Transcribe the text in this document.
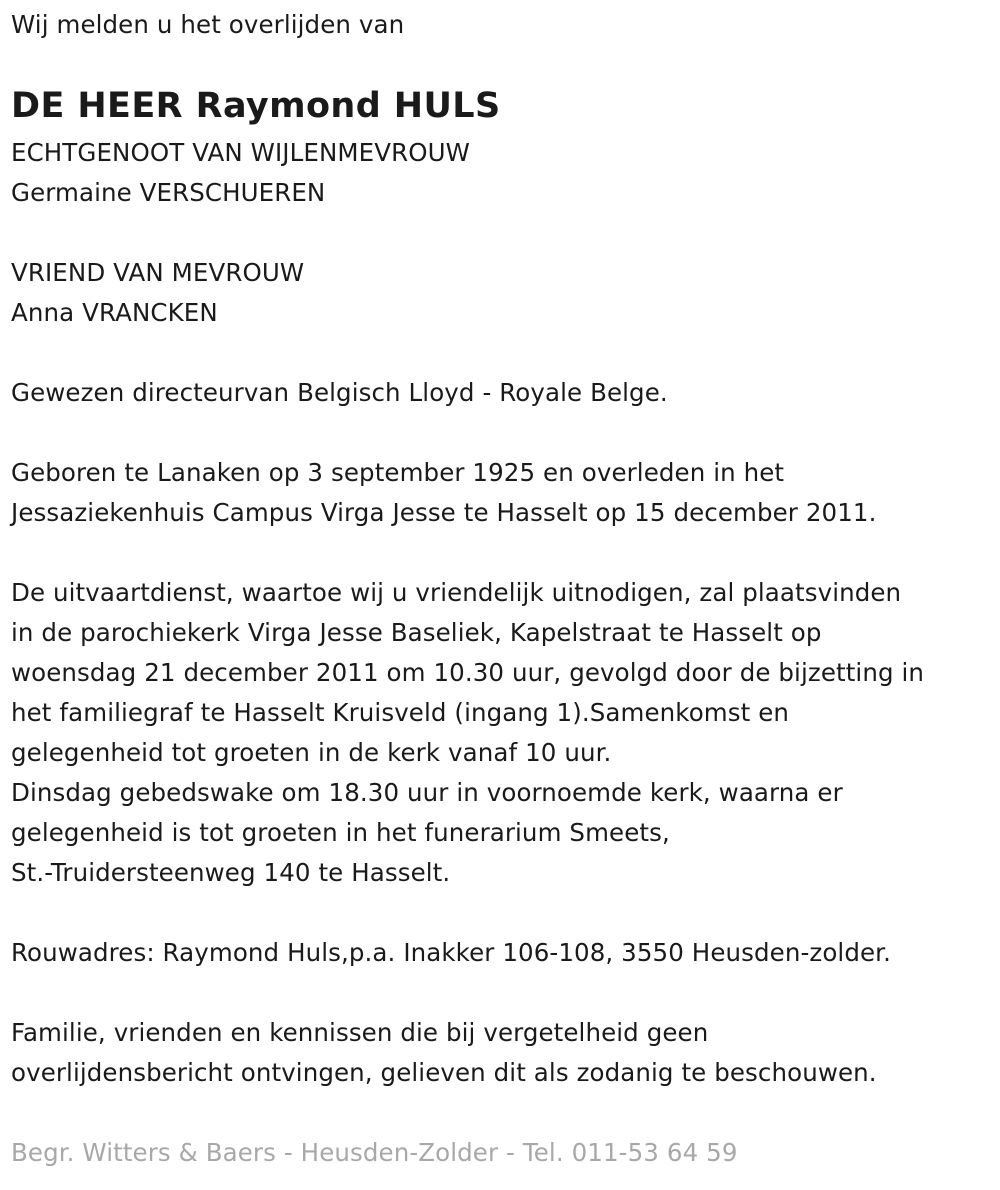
Wij melden u het overlijden van
DE HEER Raymond HULS
ECHTGENOOT VAN WIJLENMEVROUW
Germaine VERSCHUEREN
VRIEND VAN MEVROUW
Anna VRANCKEN
Gewezen directeurvan Belgisch Lloyd - Royale Belge.
Geboren te Lanaken op 3 september 1925 en overleden in het
Jessaziekenhuis Campus Virga Jesse te Hasselt op 15 december 2011.
De uitvaartdienst, waartoe wij u vriendelijk uitnodigen, zal plaatsvinden
in de parochiekerk Virga Jesse Baseliek, Kapelstraat te Hasselt op
woensdag 21 december 2011 om 10.30 uur, gevolgd door de bijzetting in
het familiegraf te Hasselt Kruisveld (ingang 1).Samenkomst en
gelegenheid tot groeten in de kerk vanaf 10 uur.
Dinsdag gebedswake om 18.30 uur in voornoemde kerk, waarna er
gelegenheid is tot groeten in het funerarium Smeets,
St.-Truidersteenweg 140 te Hasselt.
Rouwadres: Raymond Huls,p.a. Inakker 106-108, 3550 Heusden-zolder.
Familie, vrienden en kennissen die bij vergetelheid geen
overlijdensbericht ontvingen, gelieven dit als zodanig te beschouwen.
Begr. Witters & Baers - Heusden-Zolder - Tel. 011-53 64 59
